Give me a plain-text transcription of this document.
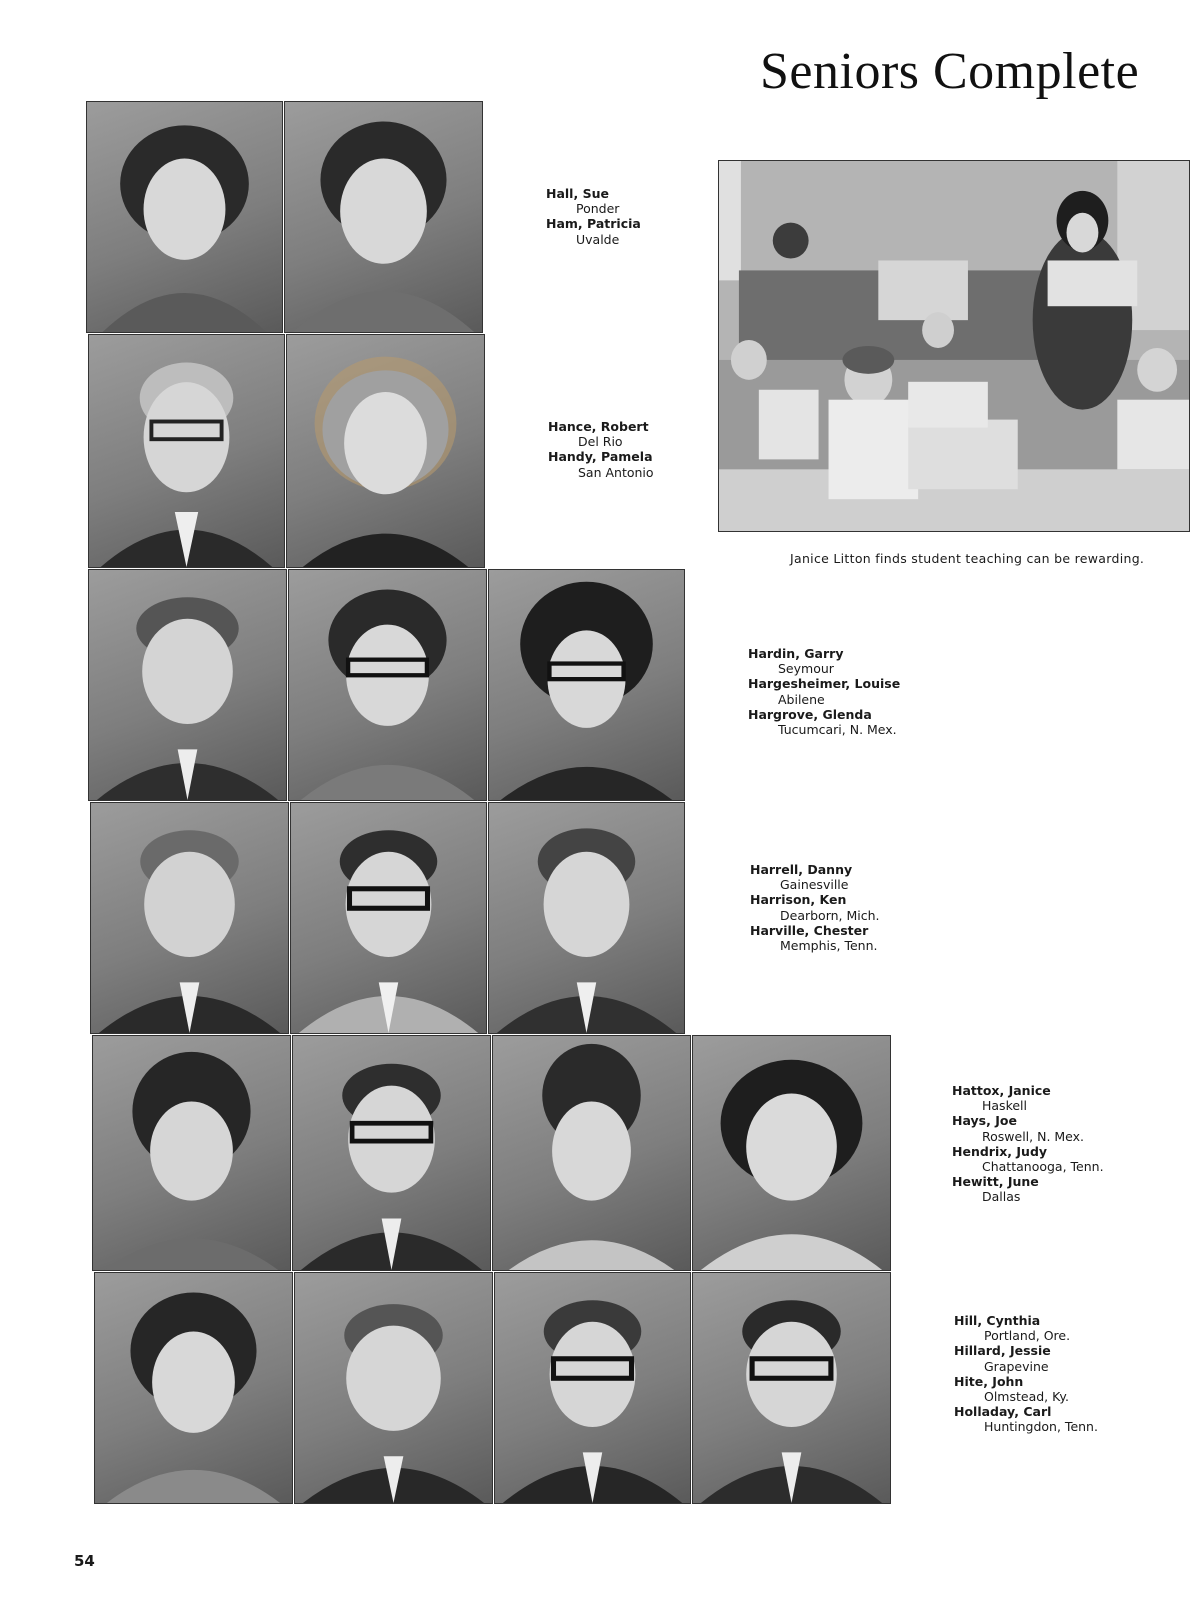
Seniors Complete
Janice Litton finds student teaching can be rewarding.
Hall, Sue
Ponder
Ham, Patricia
Uvalde
Hance, Robert
Del Rio
Handy, Pamela
San Antonio
Hardin, Garry
Seymour
Hargesheimer, Louise
Abilene
Hargrove, Glenda
Tucumcari, N. Mex.
Harrell, Danny
Gainesville
Harrison, Ken
Dearborn, Mich.
Harville, Chester
Memphis, Tenn.
Hattox, Janice
Haskell
Hays, Joe
Roswell, N. Mex.
Hendrix, Judy
Chattanooga, Tenn.
Hewitt, June
Dallas
Hill, Cynthia
Portland, Ore.
Hillard, Jessie
Grapevine
Hite, John
Olmstead, Ky.
Holladay, Carl
Huntingdon, Tenn.
54
